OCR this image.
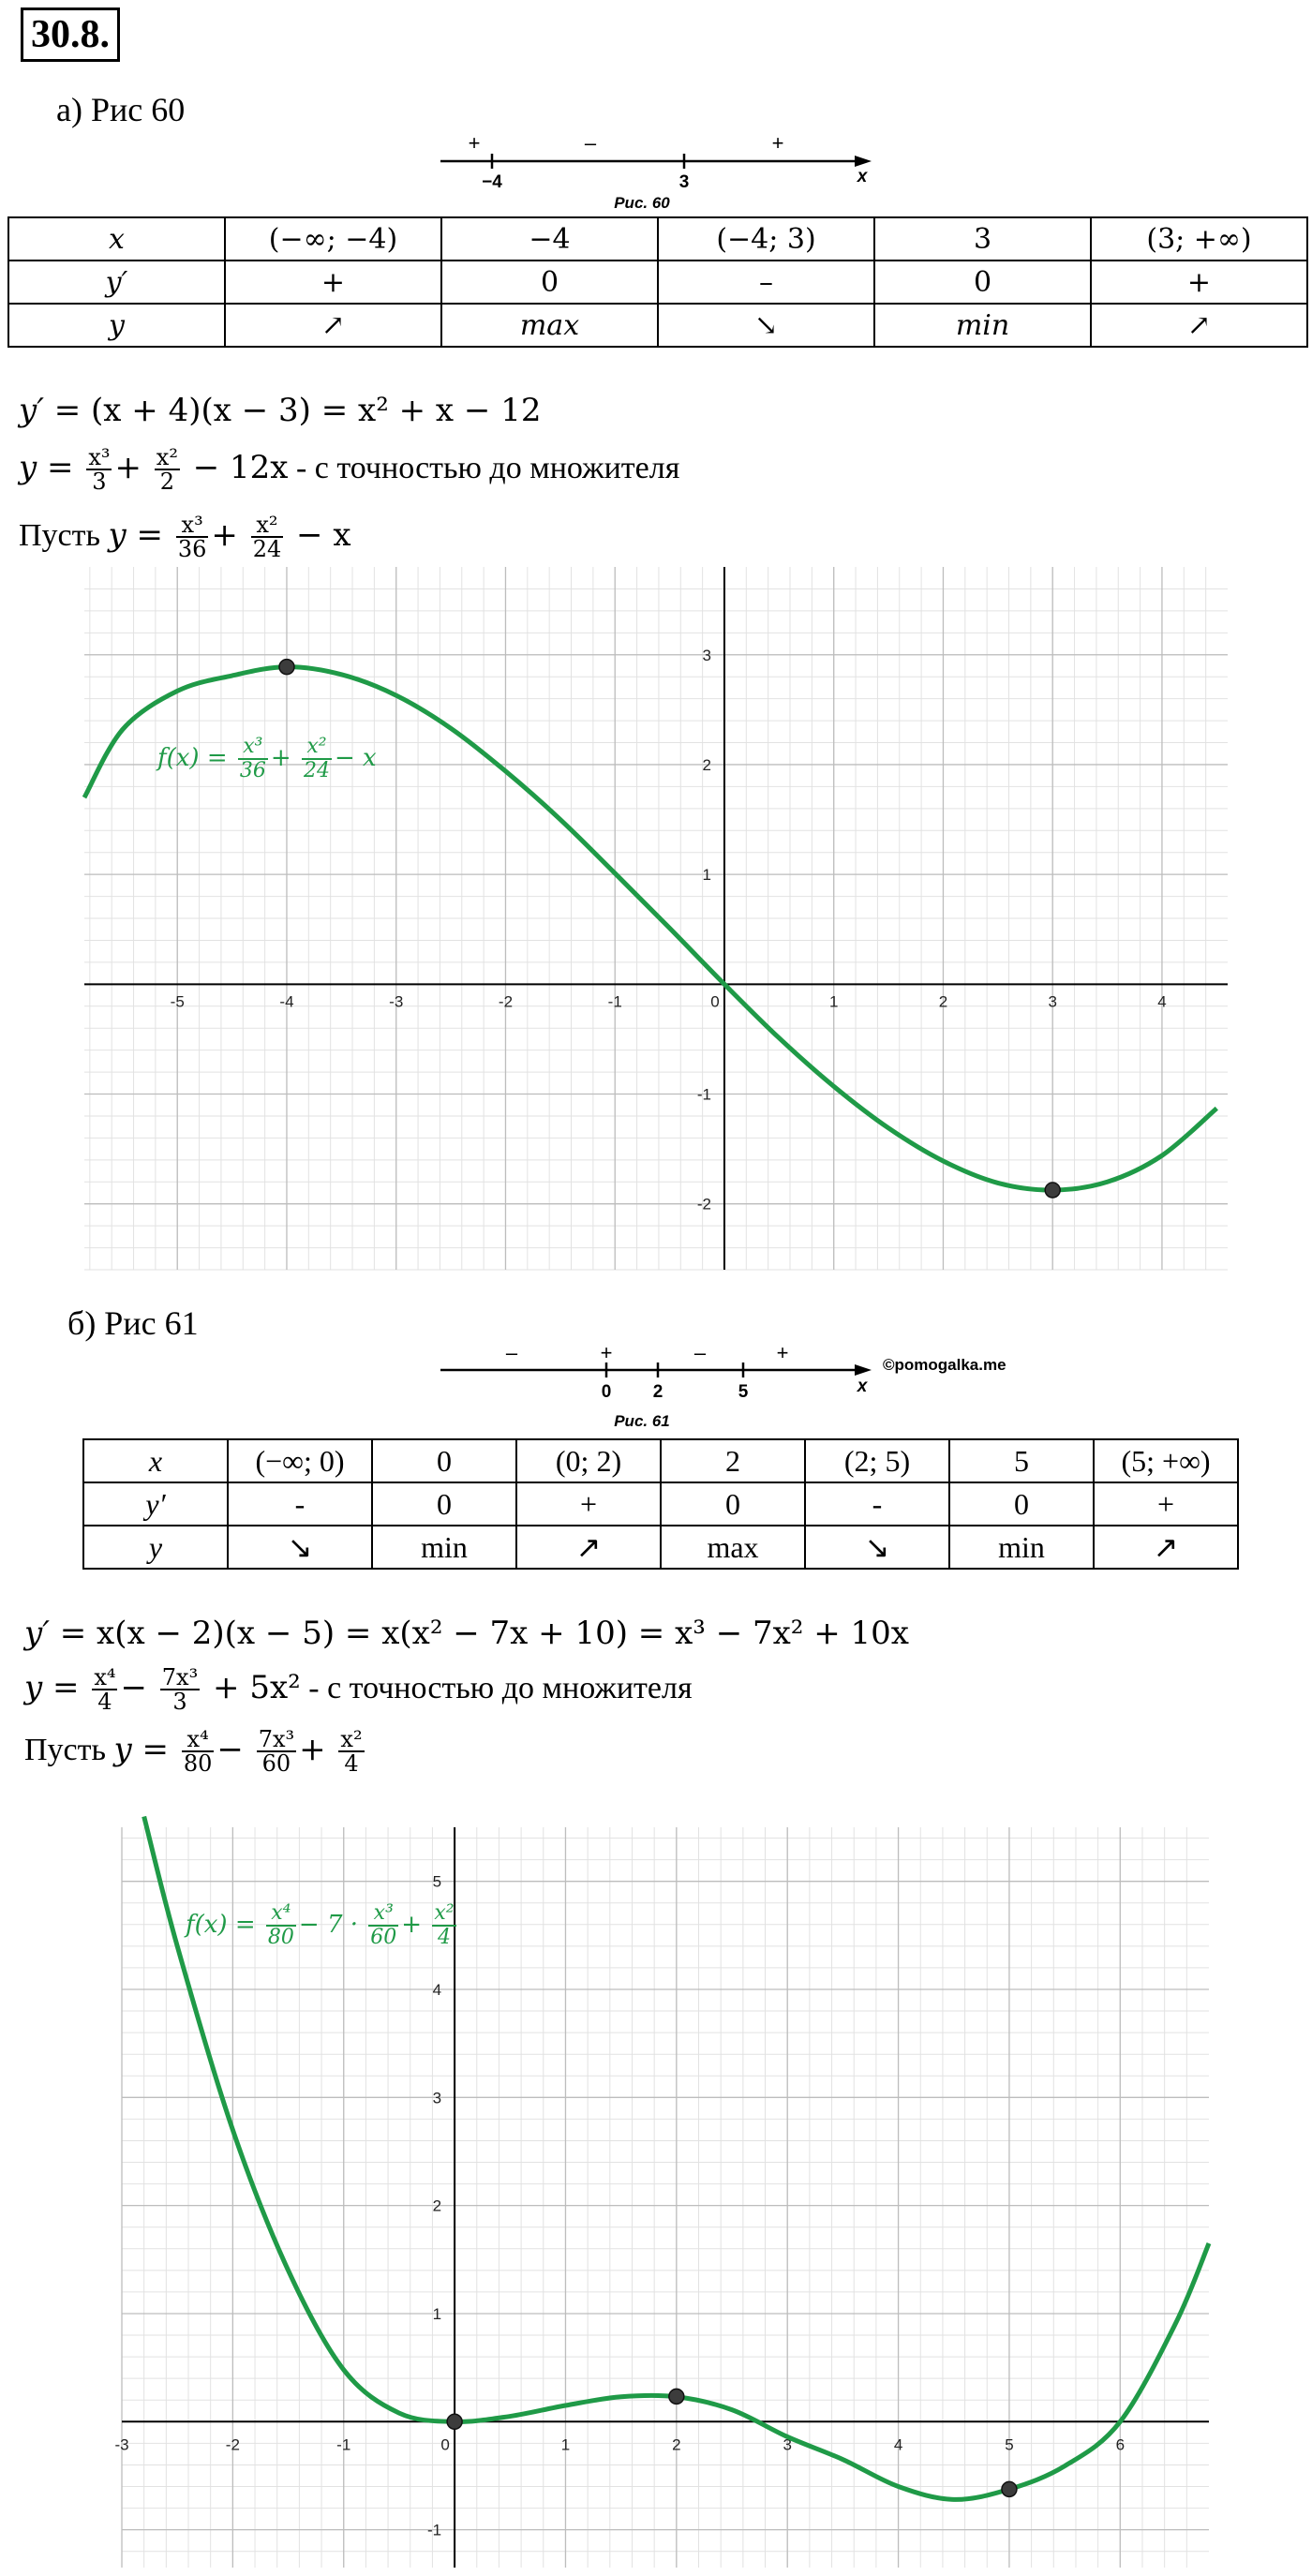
30.8.
а) Рис 60
−4	3
+	–	+
x
Рис. 60
x	(−∞; −4)	−4	(−4; 3)	3	(3; +∞)
y′	+	0	–	0	+
y	↗	max	↘	min	↗
y′ = (x + 4)(x − 3) = x² + x − 12
$y = \frac{\text{x³}}{3} + \frac{\text{x²}}{2} - 12x - с$ точностью до множителя
Пусть $y = \frac{\text{x³}}{36} + \frac{\text{x²}}{24} - x$
-5	-4	-3	-2	-1	0	1	2	3	4
-2
-1
1
2
3
$f(x) = \frac{\text{x³}}{36} + \frac{\text{x²}}{24} - x$
б) Рис 61
0 2	5
–	+	–	+
x
©pomogalka.me
Рис. 61
x	(−∞; 0)	0	(0; 2)	2	(2; 5)	5	(5; +∞)
y′	-	0	+	0	-	0	+
y	↘	min	↗	max	↘	min	↗
y′ = x(x − 2)(x − 5) = x(x² − 7x + 10) = x³ − 7x² + 10x
$y = \frac{\text{x⁴}}{4} - \frac{\text{7x³}}{3} + 5x^2 - с$ точностью до множителя
Пусть $y = \frac{\text{x⁴}}{80} - \frac{\text{7x³}}{60} + \frac{\text{x²}}{4}$
-3	-2	-1	0	1	2	3	4	5	6
-1
1
2
3
4
5
$f(x) = \frac{\text{x⁴}}{80} - 7 \cdot \frac{\text{x³}}{60} + \frac{\text{x²}}{4}$
